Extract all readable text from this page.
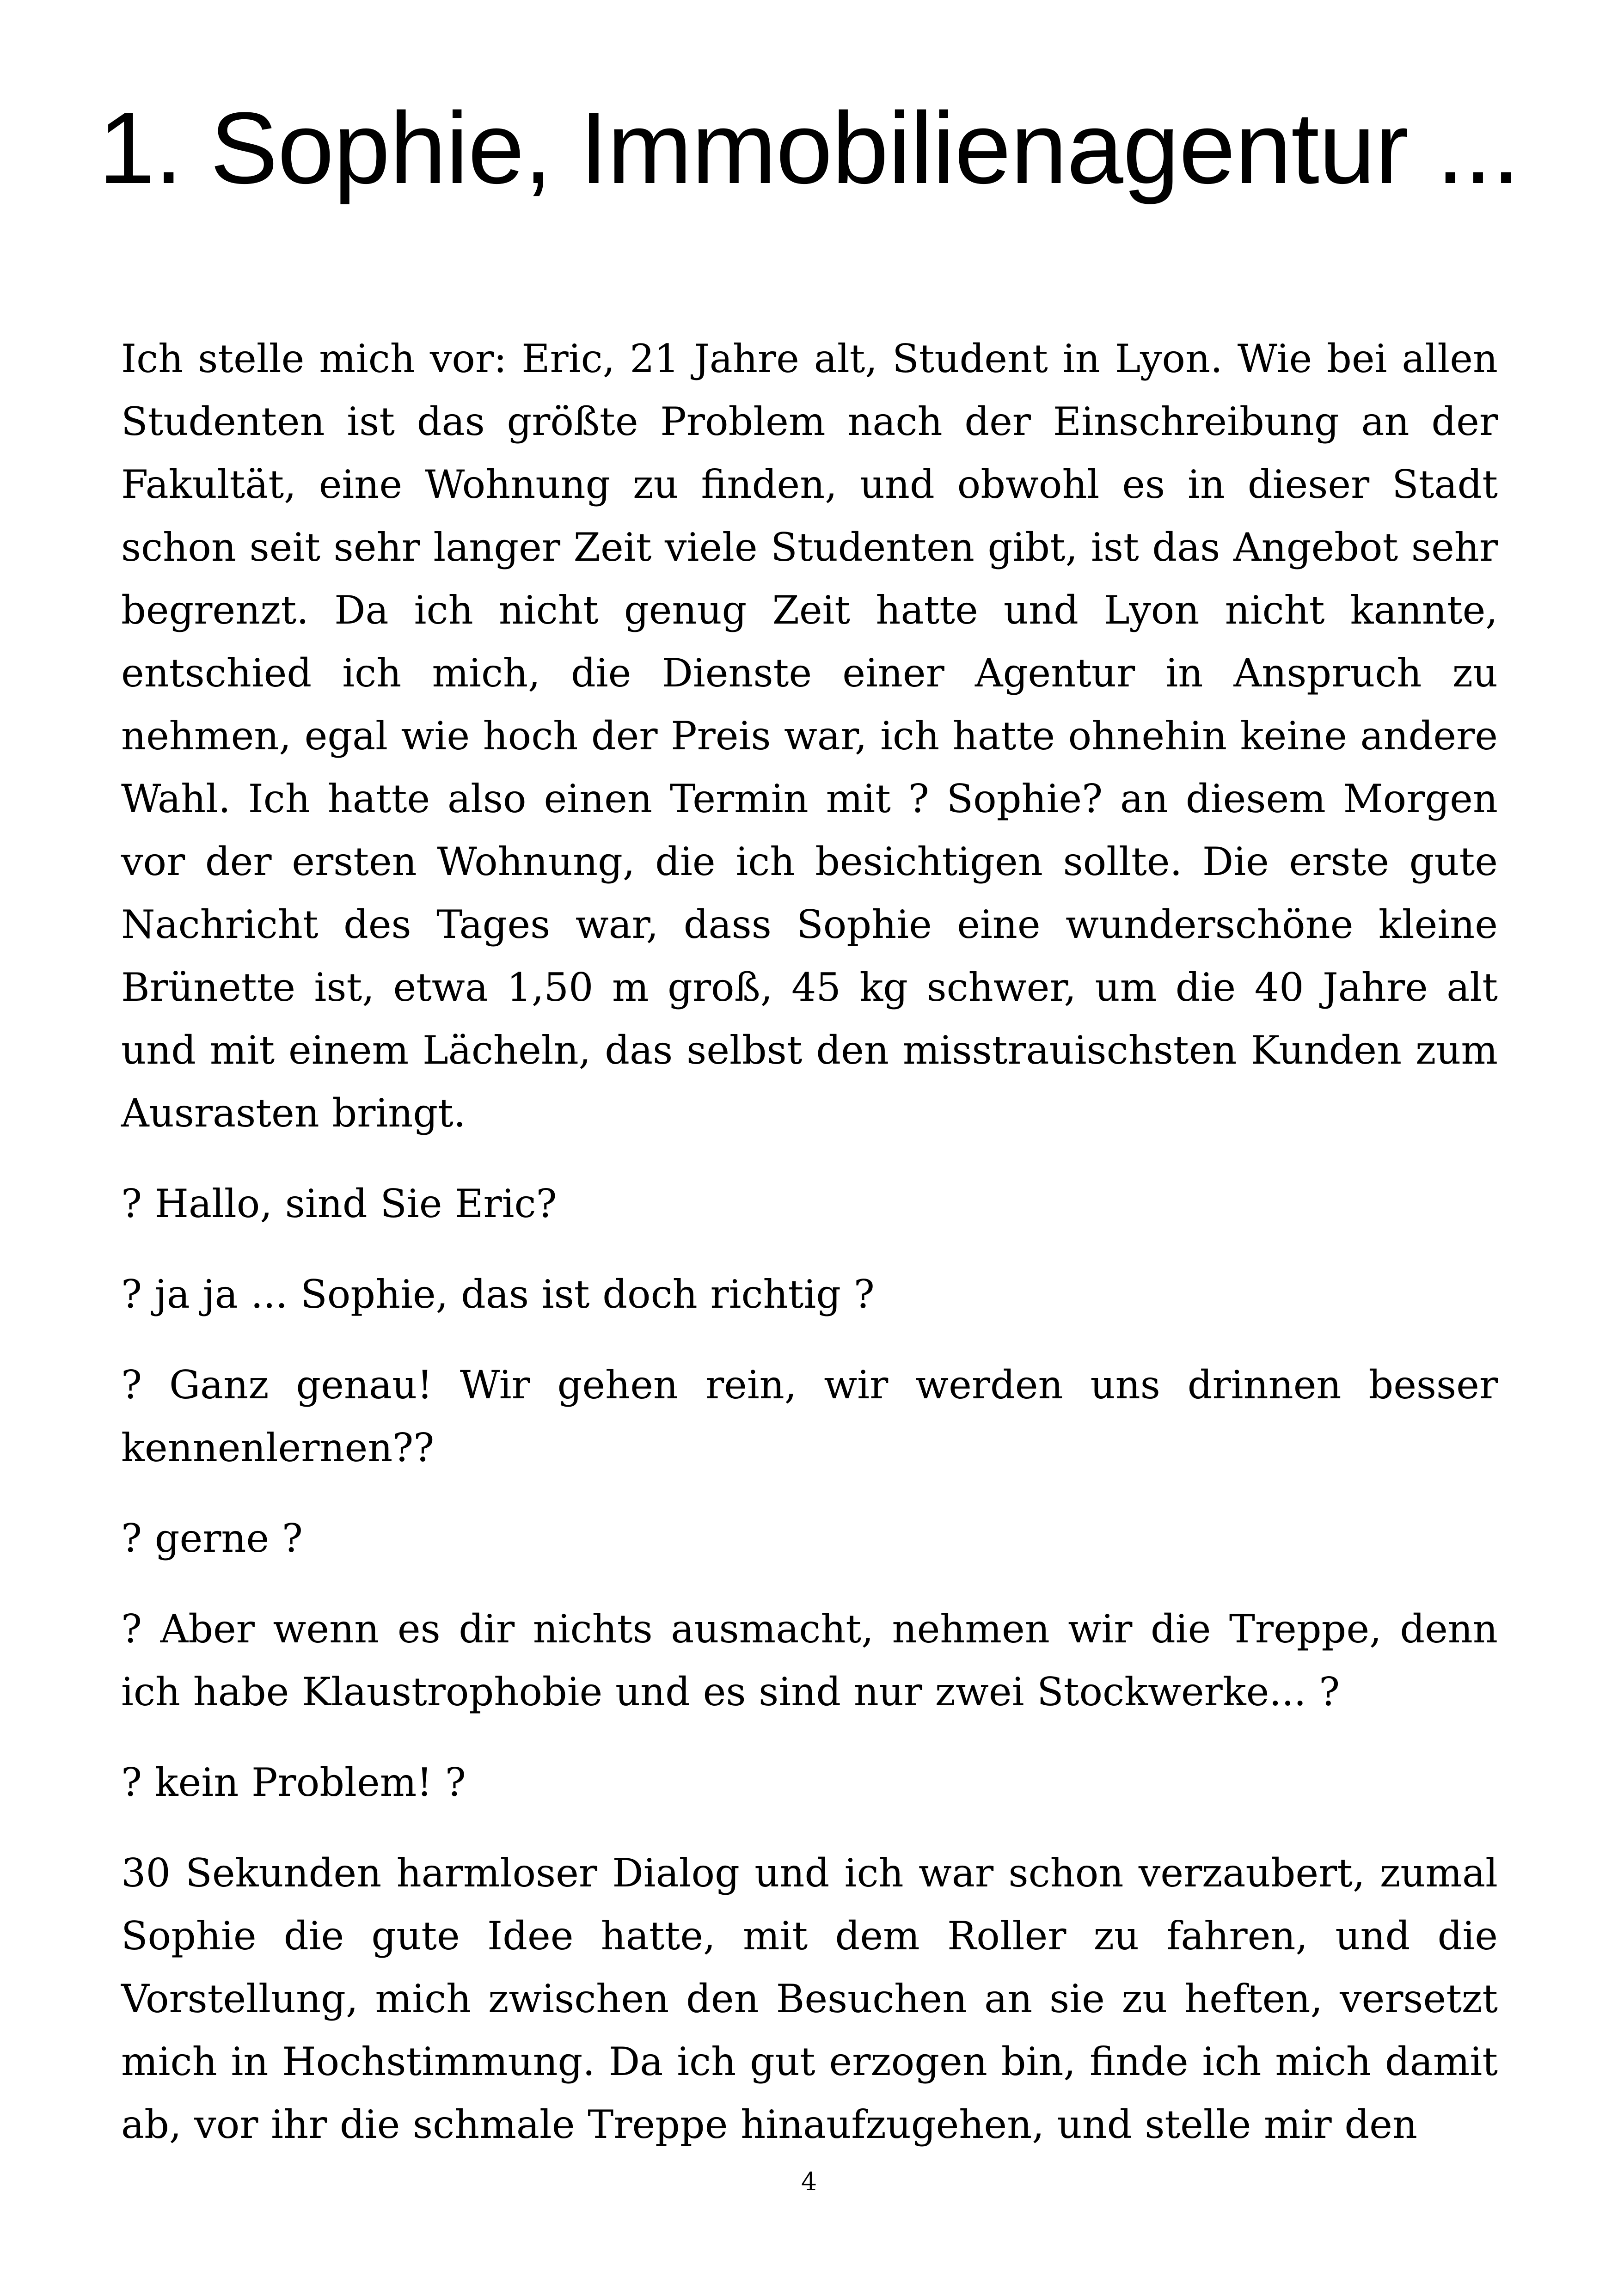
1. Sophie, Immobilienagentur ...

Ich stelle mich vor: Eric, 21 Jahre alt, Student in Lyon. Wie bei allen Studenten ist das größte Problem nach der Einschreibung an der Fakultät, eine Wohnung zu finden, und obwohl es in dieser Stadt schon seit sehr langer Zeit viele Studenten gibt, ist das Angebot sehr begrenzt. Da ich nicht genug Zeit hatte und Lyon nicht kannte, entschied ich mich, die Dienste einer Agentur in Anspruch zu nehmen, egal wie hoch der Preis war, ich hatte ohnehin keine andere Wahl. Ich hatte also einen Termin mit ? Sophie? an diesem Morgen vor der ersten Wohnung, die ich besichtigen sollte. Die erste gute Nachricht des Tages war, dass Sophie eine wunderschöne kleine Brünette ist, etwa 1,50 m groß, 45 kg schwer, um die 40 Jahre alt und mit einem Lächeln, das selbst den misstrauischsten Kunden zum Ausrasten bringt.

? Hallo, sind Sie Eric?

? ja ja ... Sophie, das ist doch richtig ?

? Ganz genau! Wir gehen rein, wir werden uns drinnen besser kennenlernen??

? gerne ?

? Aber wenn es dir nichts ausmacht, nehmen wir die Treppe, denn ich habe Klaustrophobie und es sind nur zwei Stockwerke... ?

? kein Problem! ?

30 Sekunden harmloser Dialog und ich war schon verzaubert, zumal Sophie die gute Idee hatte, mit dem Roller zu fahren, und die Vorstellung, mich zwischen den Besuchen an sie zu heften, versetzt mich in Hochstimmung. Da ich gut erzogen bin, finde ich mich damit ab, vor ihr die schmale Treppe hinaufzugehen, und stelle mir den

4
